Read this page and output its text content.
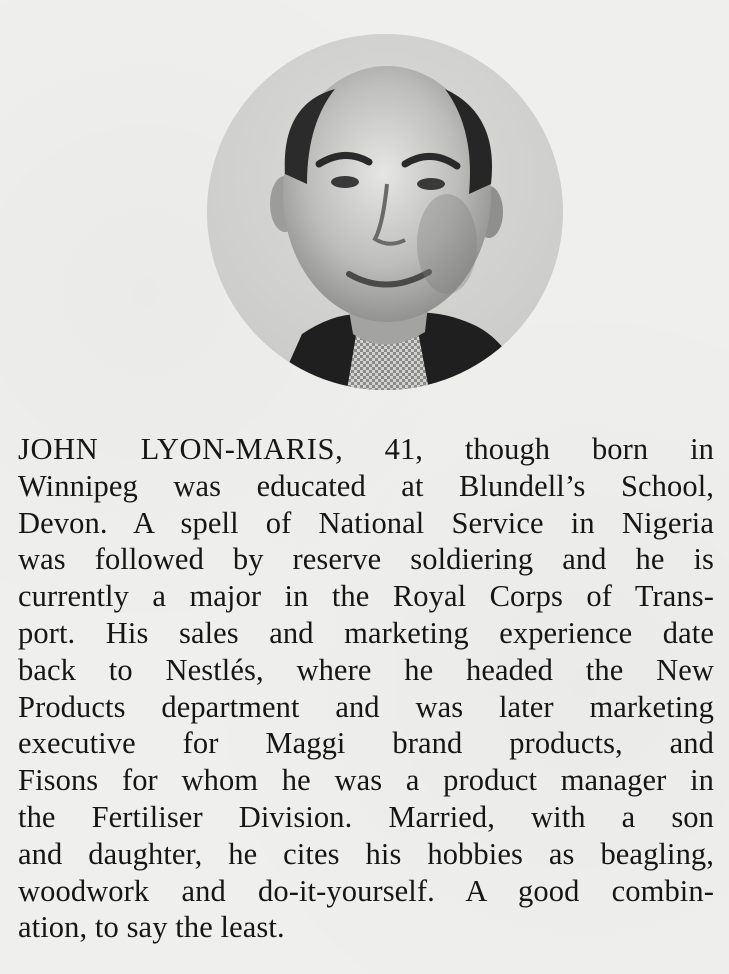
JOHN LYON-MARIS, 41, though born in
Winnipeg was educated at Blundell’s School,
Devon. A spell of National Service in Nigeria
was followed by reserve soldiering and he is
currently a major in the Royal Corps of Trans-
port. His sales and marketing experience date
back to Nestlés, where he headed the New
Products department and was later marketing
executive for Maggi brand products, and
Fisons for whom he was a product manager in
the Fertiliser Division. Married, with a son
and daughter, he cites his hobbies as beagling,
woodwork and do-it-yourself. A good combin-
ation, to say the least.
